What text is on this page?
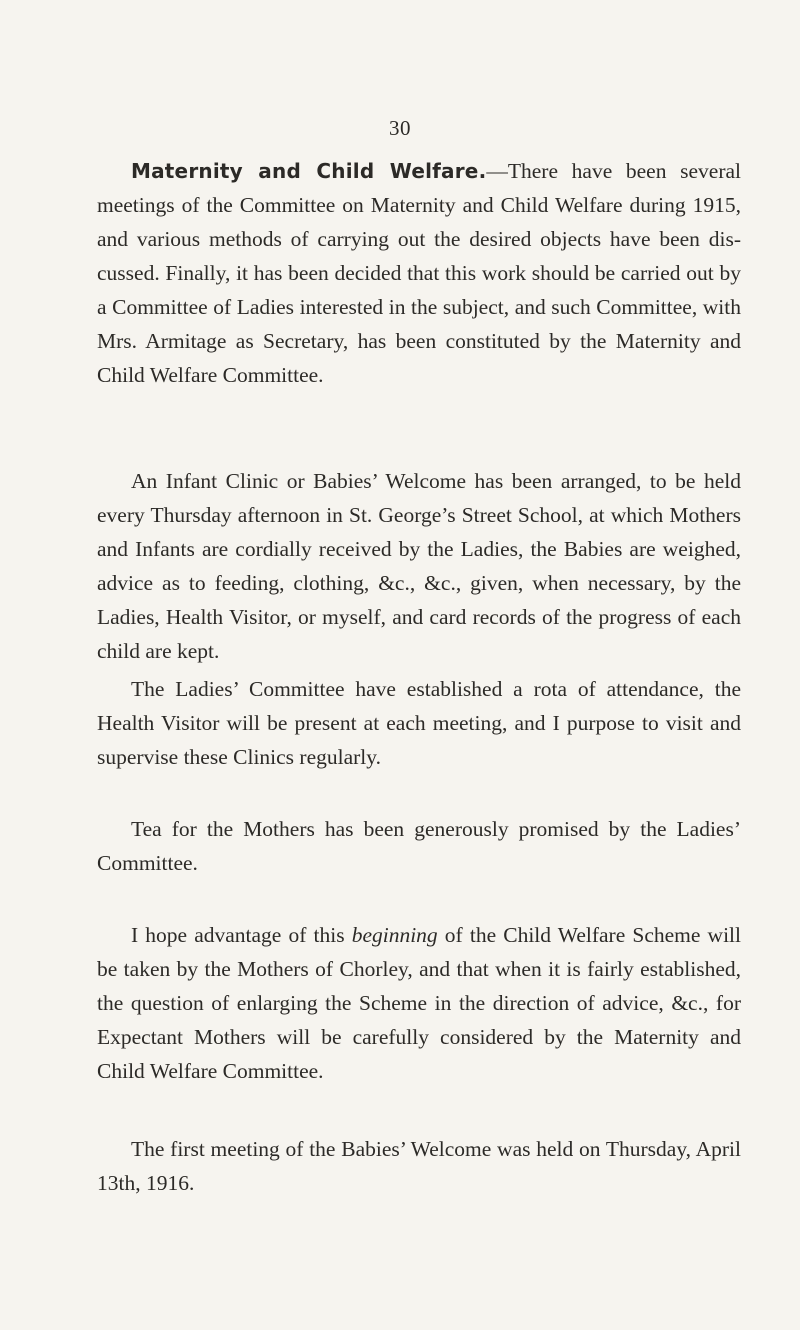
30

Maternity and Child Welfare.—There have been several meetings of the Committee on Maternity and Child Welfare during 1915, and various methods of carrying out the desired objects have been discussed. Finally, it has been decided that this work should be carried out by a Committee of Ladies interested in the subject, and such Committee, with Mrs. Armitage as Secretary, has been constituted by the Maternity and Child Welfare Committee.

An Infant Clinic or Babies’ Welcome has been arranged, to be held every Thursday afternoon in St. George’s Street School, at which Mothers and Infants are cordially received by the Ladies, the Babies are weighed, advice as to feeding, clothing, &c., &c., given, when necessary, by the Ladies, Health Visitor, or myself, and card records of the progress of each child are kept.

The Ladies’ Committee have established a rota of attendance, the Health Visitor will be present at each meeting, and I purpose to visit and supervise these Clinics regularly.

Tea for the Mothers has been generously promised by the Ladies’ Committee.

I hope advantage of this beginning of the Child Welfare Scheme will be taken by the Mothers of Chorley, and that when it is fairly established, the question of enlarging the Scheme in the direction of advice, &c., for Expectant Mothers will be carefully considered by the Maternity and Child Welfare Committee.

The first meeting of the Babies’ Welcome was held on Thursday, April 13th, 1916.
